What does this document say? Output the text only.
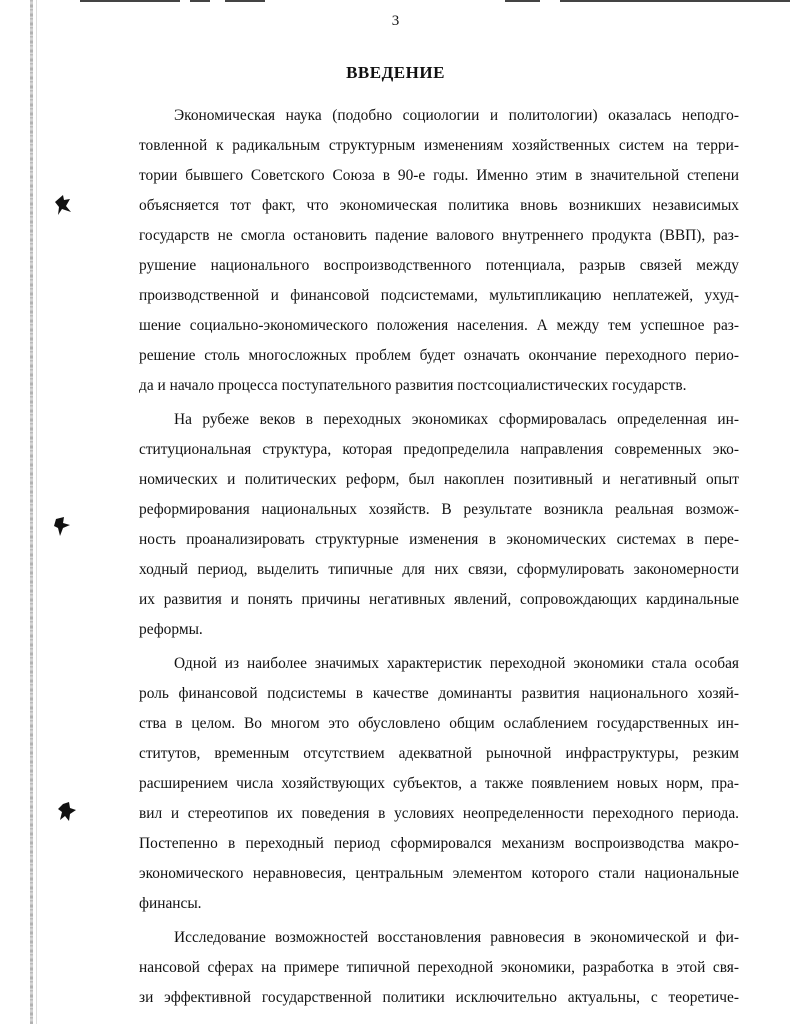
3
ВВЕДЕНИЕ
Экономическая наука (подобно социологии и политологии) оказалась неподго-
товленной к радикальным структурным изменениям хозяйственных систем на терри-
тории бывшего Советского Союза в 90-е годы. Именно этим в значительной степени
объясняется тот факт, что экономическая политика вновь возникших независимых
государств не смогла остановить падение валового внутреннего продукта (ВВП), раз-
рушение национального воспроизводственного потенциала, разрыв связей между
производственной и финансовой подсистемами, мультипликацию неплатежей, ухуд-
шение социально-экономического положения населения. А между тем успешное раз-
решение столь многосложных проблем будет означать окончание переходного перио-
да и начало процесса поступательного развития постсоциалистических государств.
На рубеже веков в переходных экономиках сформировалась определенная ин-
ституциональная структура, которая предопределила направления современных эко-
номических и политических реформ, был накоплен позитивный и негативный опыт
реформирования национальных хозяйств. В результате возникла реальная возмож-
ность проанализировать структурные изменения в экономических системах в пере-
ходный период, выделить типичные для них связи, сформулировать закономерности
их развития и понять причины негативных явлений, сопровождающих кардинальные
реформы.
Одной из наиболее значимых характеристик переходной экономики стала особая
роль финансовой подсистемы в качестве доминанты развития национального хозяй-
ства в целом. Во многом это обусловлено общим ослаблением государственных ин-
ститутов, временным отсутствием адекватной рыночной инфраструктуры, резким
расширением числа хозяйствующих субъектов, а также появлением новых норм, пра-
вил и стереотипов их поведения в условиях неопределенности переходного периода.
Постепенно в переходный период сформировался механизм воспроизводства макро-
экономического неравновесия, центральным элементом которого стали национальные
финансы.
Исследование возможностей восстановления равновесия в экономической и фи-
нансовой сферах на примере типичной переходной экономики, разработка в этой свя-
зи эффективной государственной политики исключительно актуальны, с теоретиче-
